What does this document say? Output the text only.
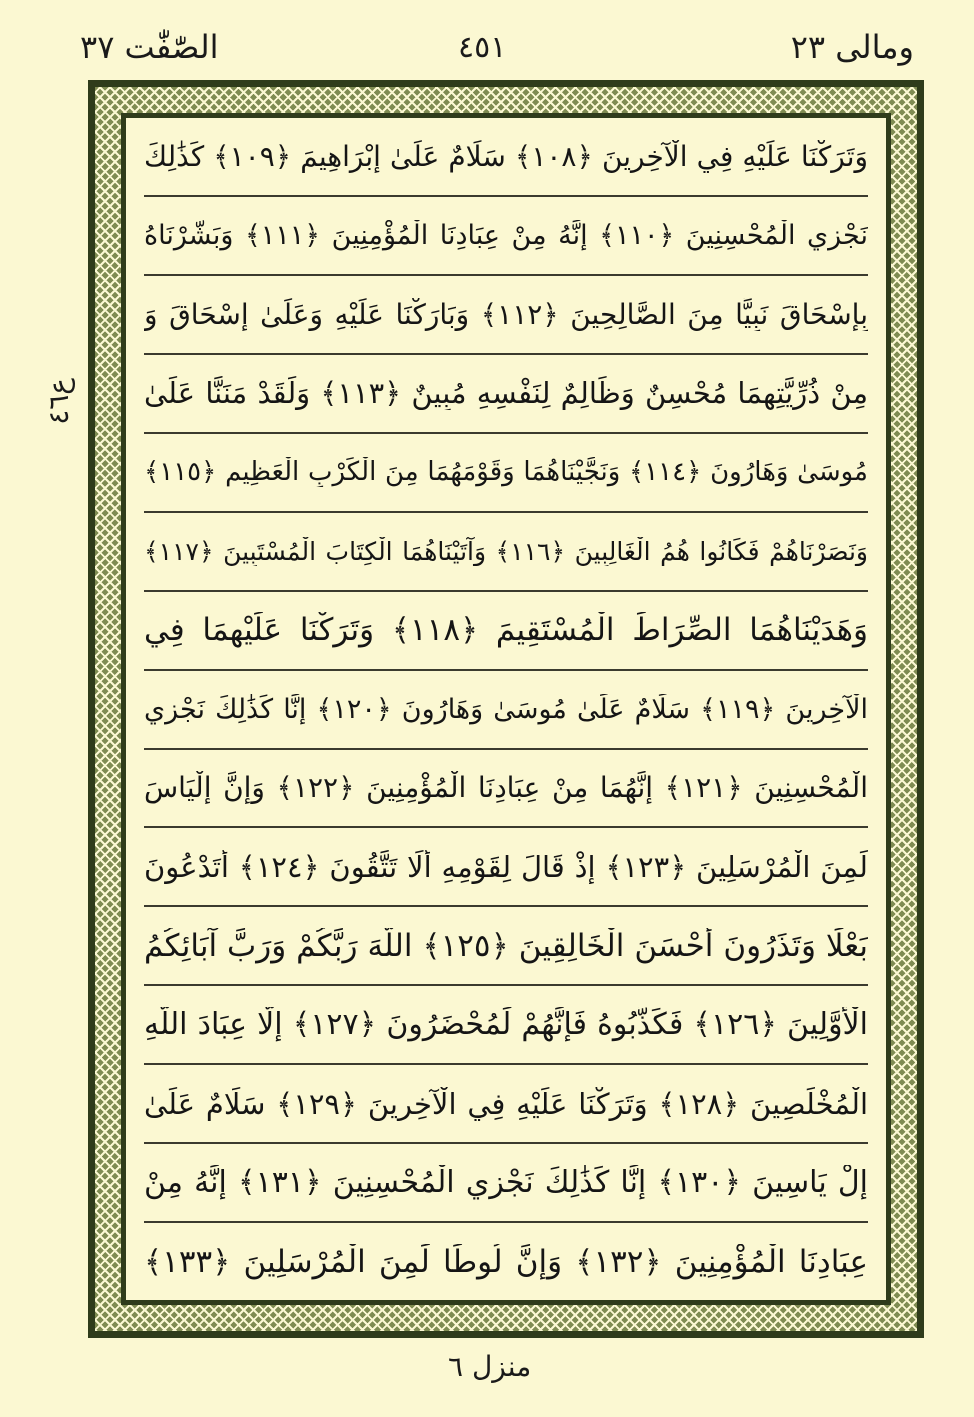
ومالی ٢٣
٤٥١
الصّٰفّٰت ٣٧
ع٤٦
وَتَرَكْنَا عَلَيْهِ فِي الْآخِرِينَ ﴿١٠٨﴾ سَلَامٌ عَلَىٰ إِبْرَاهِيمَ ﴿١٠٩﴾ كَذَٰلِكَ
نَجْزِي الْمُحْسِنِينَ ﴿١١٠﴾ إِنَّهُ مِنْ عِبَادِنَا الْمُؤْمِنِينَ ﴿١١١﴾ وَبَشَّرْنَاهُ
بِإِسْحَاقَ نَبِيًّا مِنَ الصَّالِحِينَ ﴿١١٢﴾ وَبَارَكْنَا عَلَيْهِ وَعَلَىٰ إِسْحَاقَ وَ
مِنْ ذُرِّيَّتِهِمَا مُحْسِنٌ وَظَالِمٌ لِنَفْسِهِ مُبِينٌ ﴿١١٣﴾ وَلَقَدْ مَنَنَّا عَلَىٰ
مُوسَىٰ وَهَارُونَ ﴿١١٤﴾ وَنَجَّيْنَاهُمَا وَقَوْمَهُمَا مِنَ الْكَرْبِ الْعَظِيمِ ﴿١١٥﴾
وَنَصَرْنَاهُمْ فَكَانُوا هُمُ الْغَالِبِينَ ﴿١١٦﴾ وَآتَيْنَاهُمَا الْكِتَابَ الْمُسْتَبِينَ ﴿١١٧﴾
وَهَدَيْنَاهُمَا الصِّرَاطَ الْمُسْتَقِيمَ ﴿١١٨﴾ وَتَرَكْنَا عَلَيْهِمَا فِي
الْآخِرِينَ ﴿١١٩﴾ سَلَامٌ عَلَىٰ مُوسَىٰ وَهَارُونَ ﴿١٢٠﴾ إِنَّا كَذَٰلِكَ نَجْزِي
الْمُحْسِنِينَ ﴿١٢١﴾ إِنَّهُمَا مِنْ عِبَادِنَا الْمُؤْمِنِينَ ﴿١٢٢﴾ وَإِنَّ إِلْيَاسَ
لَمِنَ الْمُرْسَلِينَ ﴿١٢٣﴾ إِذْ قَالَ لِقَوْمِهِ أَلَا تَتَّقُونَ ﴿١٢٤﴾ أَتَدْعُونَ
بَعْلًا وَتَذَرُونَ أَحْسَنَ الْخَالِقِينَ ﴿١٢٥﴾ اللَّهَ رَبَّكُمْ وَرَبَّ آبَائِكُمُ
الْأَوَّلِينَ ﴿١٢٦﴾ فَكَذَّبُوهُ فَإِنَّهُمْ لَمُحْضَرُونَ ﴿١٢٧﴾ إِلَّا عِبَادَ اللَّهِ
الْمُخْلَصِينَ ﴿١٢٨﴾ وَتَرَكْنَا عَلَيْهِ فِي الْآخِرِينَ ﴿١٢٩﴾ سَلَامٌ عَلَىٰ
إِلْ يَاسِينَ ﴿١٣٠﴾ إِنَّا كَذَٰلِكَ نَجْزِي الْمُحْسِنِينَ ﴿١٣١﴾ إِنَّهُ مِنْ
عِبَادِنَا الْمُؤْمِنِينَ ﴿١٣٢﴾ وَإِنَّ لُوطًا لَمِنَ الْمُرْسَلِينَ ﴿١٣٣﴾
منزل ٦
